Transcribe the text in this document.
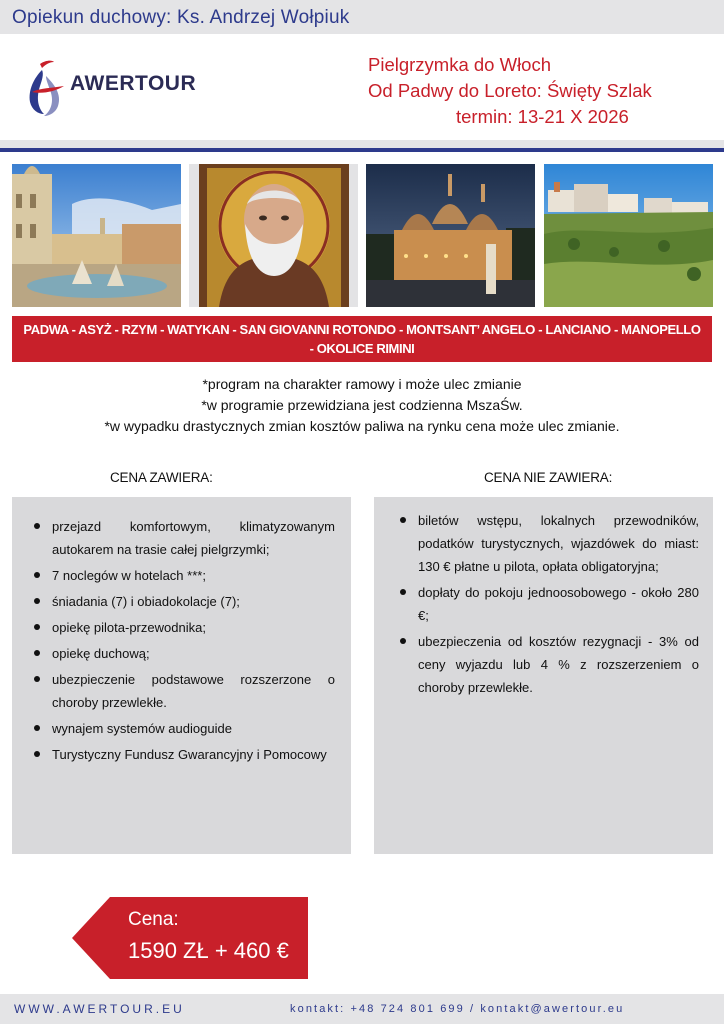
Opiekun duchowy: Ks. Andrzej Wołpiuk
AWERTOUR
Pielgrzymka do Włoch
Od Padwy do Loreto: Święty Szlak
termin: 13-21 X 2026
PADWA - ASYŻ - RZYM - WATYKAN - SAN GIOVANNI ROTONDO - MONTSANT’ ANGELO - LANCIANO - MANOPELLO - OKOLICE RIMINI
*program na charakter ramowy i może ulec zmianie
*w programie przewidziana jest codzienna MszaŚw.
*w wypadku drastycznych zmian kosztów paliwa na rynku cena może ulec zmianie.
CENA ZAWIERA:	CENA NIE ZAWIERA:
przejazd komfortowym, klimatyzowanym autokarem na trasie całej pielgrzymki;
7 noclegów w hotelach ***;
śniadania (7) i obiadokolacje (7);
opiekę pilota-przewodnika;
opiekę duchową;
ubezpieczenie podstawowe rozszerzone o choroby przewlekłe.
wynajem systemów audioguide
Turystyczny Fundusz Gwarancyjny i Pomocowy
biletów wstępu, lokalnych przewodników, podatków turystycznych, wjazdówek do miast: 130 € płatne u pilota, opłata obligatoryjna;
dopłaty do pokoju jednoosobowego - około 280 €;
ubezpieczenia od kosztów rezygnacji - 3% od ceny wyjazdu lub 4 % z rozszerzeniem o choroby przewlekłe.
Cena:
1590 ZŁ + 460 €
WWW.AWERTOUR.EU	kontakt: +48 724 801 699 / kontakt@awertour.eu
